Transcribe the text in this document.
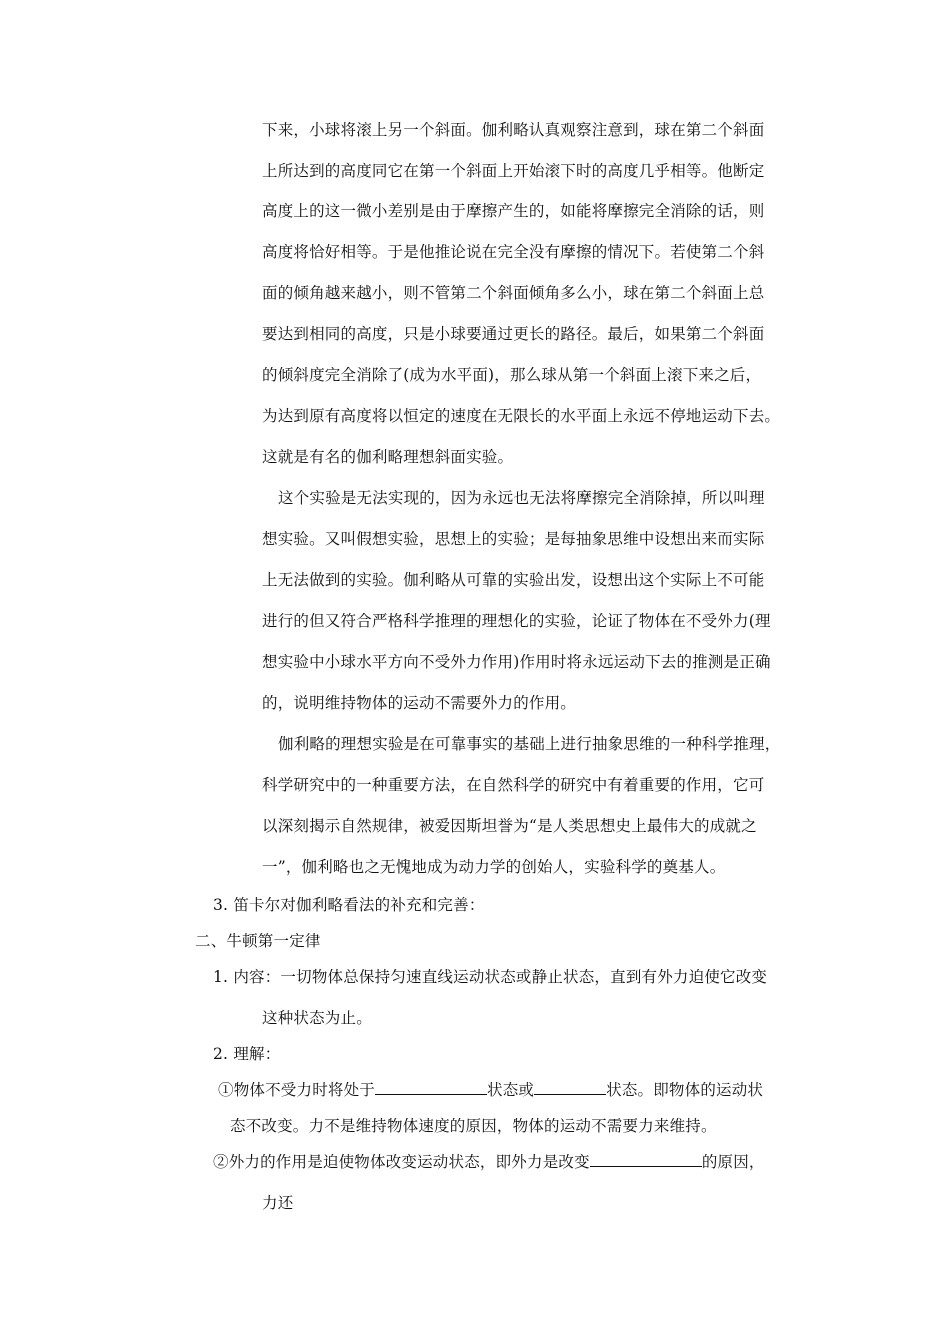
下来，小球将滚上另一个斜面。伽利略认真观察注意到，球在第二个斜面
上所达到的高度同它在第一个斜面上开始滚下时的高度几乎相等。他断定
高度上的这一微小差别是由于摩擦产生的，如能将摩擦完全消除的话，则
高度将恰好相等。于是他推论说在完全没有摩擦的情况下。若使第二个斜
面的倾角越来越小，则不管第二个斜面倾角多么小，球在第二个斜面上总
要达到相同的高度，只是小球要通过更长的路径。最后，如果第二个斜面
的倾斜度完全消除了(成为水平面)，那么球从第一个斜面上滚下来之后，
为达到原有高度将以恒定的速度在无限长的水平面上永远不停地运动下去。
这就是有名的伽利略理想斜面实验。
这个实验是无法实现的，因为永远也无法将摩擦完全消除掉，所以叫理
想实验。又叫假想实验，思想上的实验；是每抽象思维中设想出来而实际
上无法做到的实验。伽利略从可靠的实验出发，设想出这个实际上不可能
进行的但又符合严格科学推理的理想化的实验，论证了物体在不受外力(理
想实验中小球水平方向不受外力作用)作用时将永远运动下去的推测是正确
的，说明维持物体的运动不需要外力的作用。
伽利略的理想实验是在可靠事实的基础上进行抽象思维的一种科学推理，
科学研究中的一种重要方法，在自然科学的研究中有着重要的作用，它可
以深刻揭示自然规律，被爱因斯坦誉为“是人类思想史上最伟大的成就之
一”，伽利略也之无愧地成为动力学的创始人，实验科学的奠基人。
3. 笛卡尔对伽利略看法的补充和完善：
二、牛顿第一定律
1. 内容：一切物体总保持匀速直线运动状态或静止状态，直到有外力迫使它改变
这种状态为止。
2. 理解：
①物体不受力时将处于	状态或	状态。即物体的运动状
态不改变。力不是维持物体速度的原因，物体的运动不需要力来维持。
②外力的作用是迫使物体改变运动状态，即外力是改变	的原因，
力还
